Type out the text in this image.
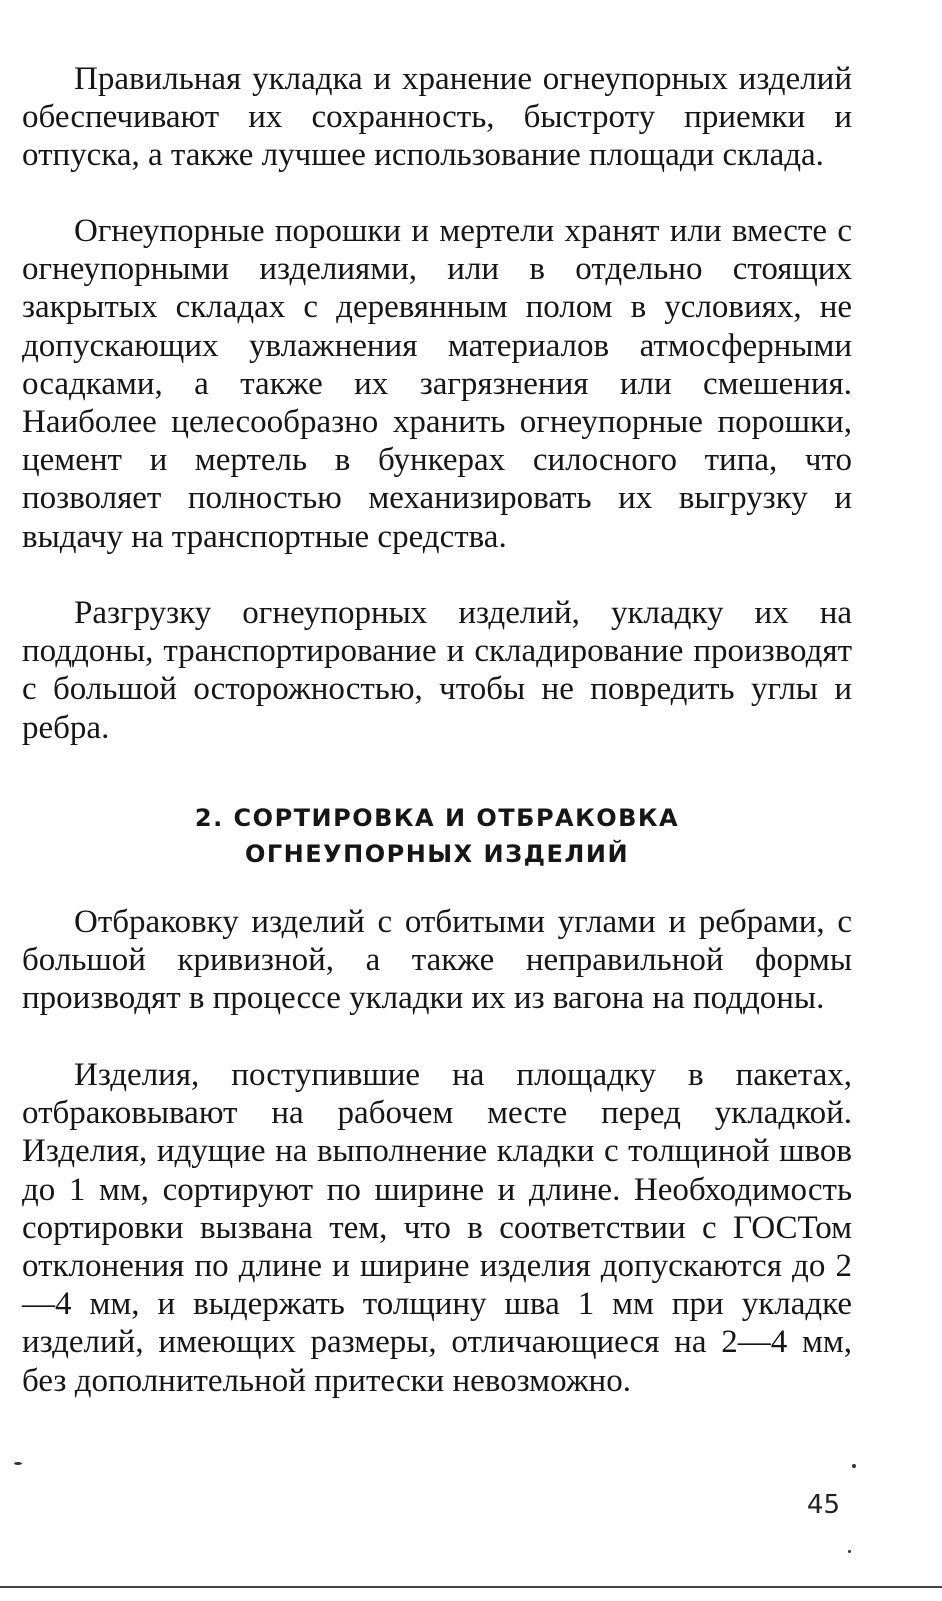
Правильная укладка и хранение огнеупорных изделий обеспечивают их сохранность, быстроту приемки и отпуска, а также лучшее использование площади склада.

Огнеупорные порошки и мертели хранят или вместе с огнеупорными изделиями, или в отдельно стоящих закрытых складах с деревянным полом в условиях, не допускающих увлажнения материалов атмосферными осадками, а также их загрязнения или смешения. Наиболее целесообразно хранить огнеупорные порошки, цемент и мертель в бункерах силосного типа, что позволяет полностью механизировать их выгрузку и выдачу на транспортные средства.

Разгрузку огнеупорных изделий, укладку их на поддоны, транспортирование и складирование производят с большой осторожностью, чтобы не повредить углы и ребра.

2. СОРТИРОВКА И ОТБРАКОВКА
ОГНЕУПОРНЫХ ИЗДЕЛИЙ

Отбраковку изделий с отбитыми углами и ребрами, с большой кривизной, а также неправильной формы производят в процессе укладки их из вагона на поддоны.

Изделия, поступившие на площадку в пакетах, отбраковывают на рабочем месте перед укладкой. Изделия, идущие на выполнение кладки с толщиной швов до 1 мм, сортируют по ширине и длине. Необходимость сортировки вызвана тем, что в соответствии с ГОСТом отклонения по длине и ширине изделия допускаются до 2—4 мм, и выдержать толщину шва 1 мм при укладке изделий, имеющих размеры, отличающиеся на 2—4 мм, без дополнительной притески невозможно.

45
